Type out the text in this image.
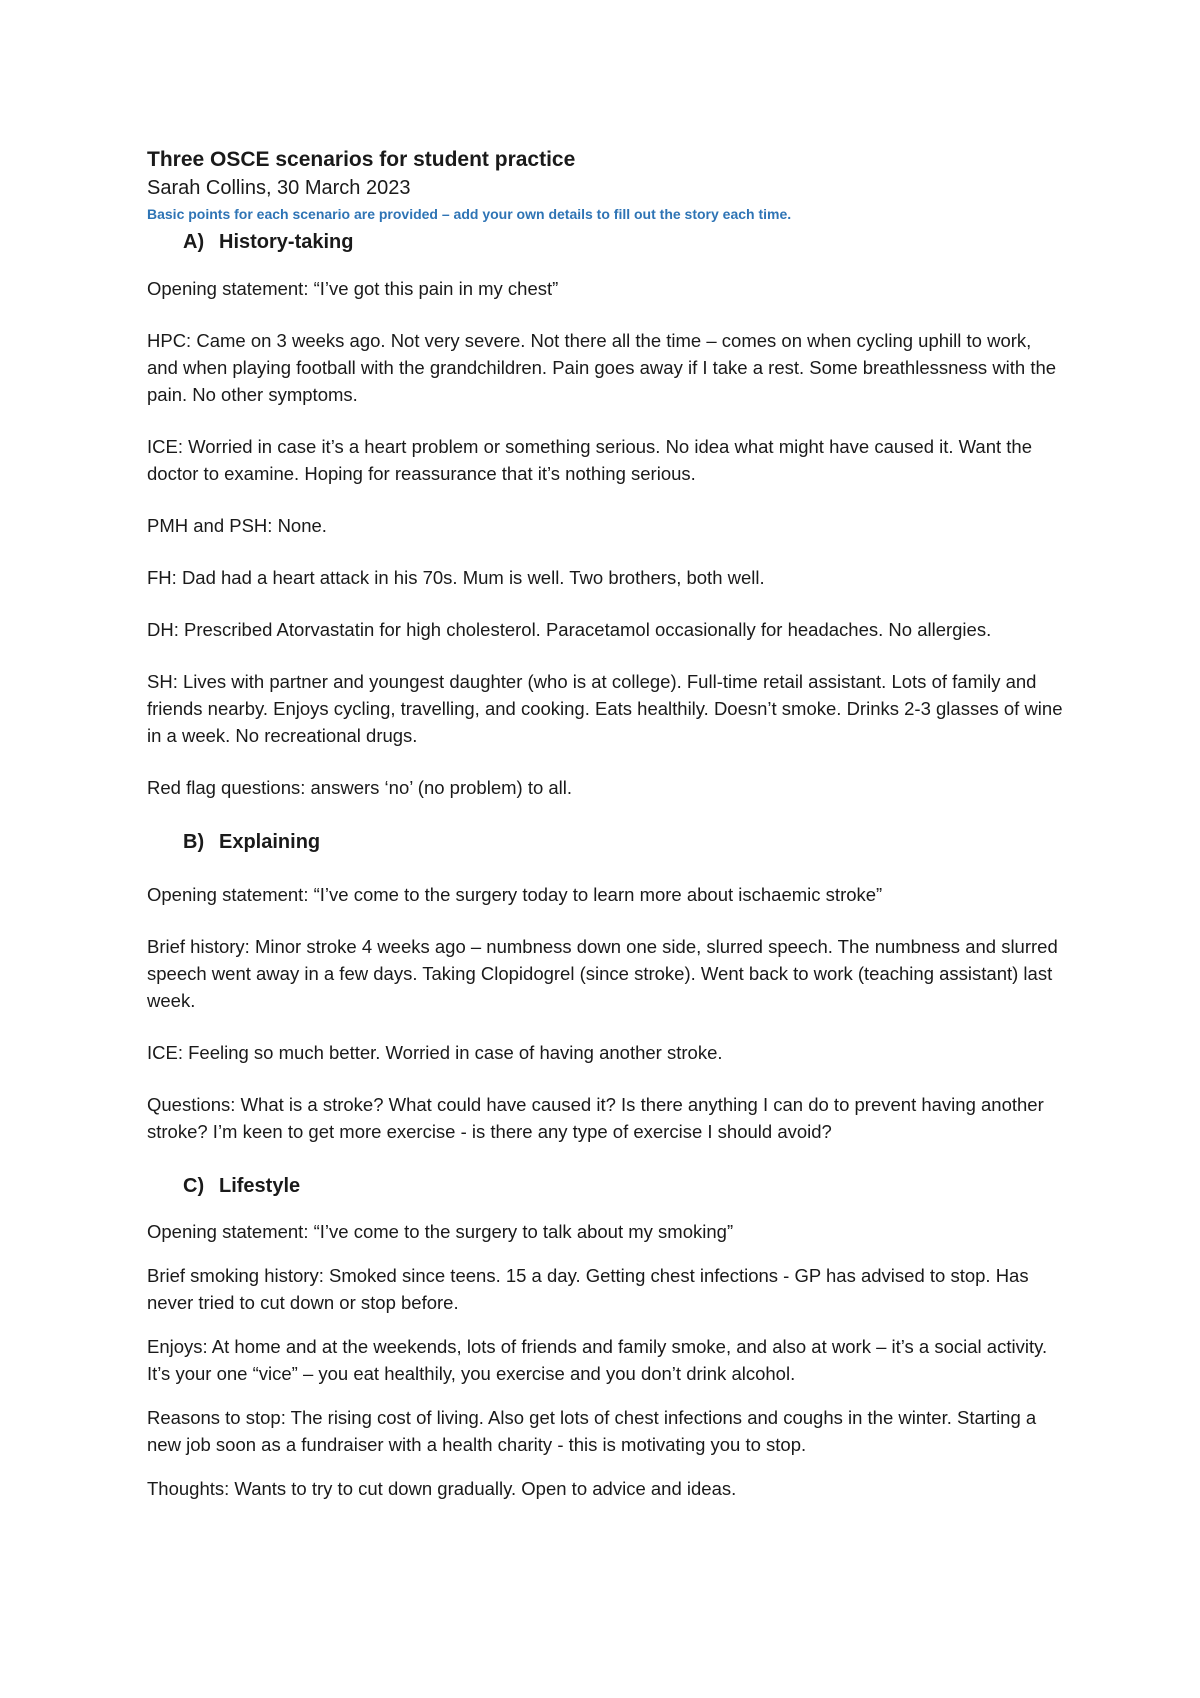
Three OSCE scenarios for student practice
Sarah Collins, 30 March 2023
Basic points for each scenario are provided – add your own details to fill out the story each time.
A) History-taking

Opening statement: “I’ve got this pain in my chest”

HPC: Came on 3 weeks ago. Not very severe. Not there all the time – comes on when cycling uphill to work, and when playing football with the grandchildren. Pain goes away if I take a rest. Some breathlessness with the pain. No other symptoms.

ICE: Worried in case it’s a heart problem or something serious. No idea what might have caused it. Want the doctor to examine. Hoping for reassurance that it’s nothing serious.

PMH and PSH: None.

FH: Dad had a heart attack in his 70s. Mum is well. Two brothers, both well.

DH: Prescribed Atorvastatin for high cholesterol. Paracetamol occasionally for headaches. No allergies.

SH: Lives with partner and youngest daughter (who is at college). Full-time retail assistant. Lots of family and friends nearby. Enjoys cycling, travelling, and cooking. Eats healthily. Doesn’t smoke. Drinks 2-3 glasses of wine in a week. No recreational drugs.

Red flag questions: answers ‘no’ (no problem) to all.

B) Explaining

Opening statement: “I’ve come to the surgery today to learn more about ischaemic stroke”

Brief history: Minor stroke 4 weeks ago – numbness down one side, slurred speech. The numbness and slurred speech went away in a few days. Taking Clopidogrel (since stroke). Went back to work (teaching assistant) last week.

ICE: Feeling so much better. Worried in case of having another stroke.

Questions: What is a stroke? What could have caused it? Is there anything I can do to prevent having another stroke? I’m keen to get more exercise - is there any type of exercise I should avoid?

C) Lifestyle

Opening statement: “I’ve come to the surgery to talk about my smoking”

Brief smoking history: Smoked since teens. 15 a day. Getting chest infections - GP has advised to stop. Has never tried to cut down or stop before.

Enjoys: At home and at the weekends, lots of friends and family smoke, and also at work – it’s a social activity. It’s your one “vice” – you eat healthily, you exercise and you don’t drink alcohol.

Reasons to stop: The rising cost of living. Also get lots of chest infections and coughs in the winter. Starting a new job soon as a fundraiser with a health charity - this is motivating you to stop.

Thoughts: Wants to try to cut down gradually. Open to advice and ideas.
